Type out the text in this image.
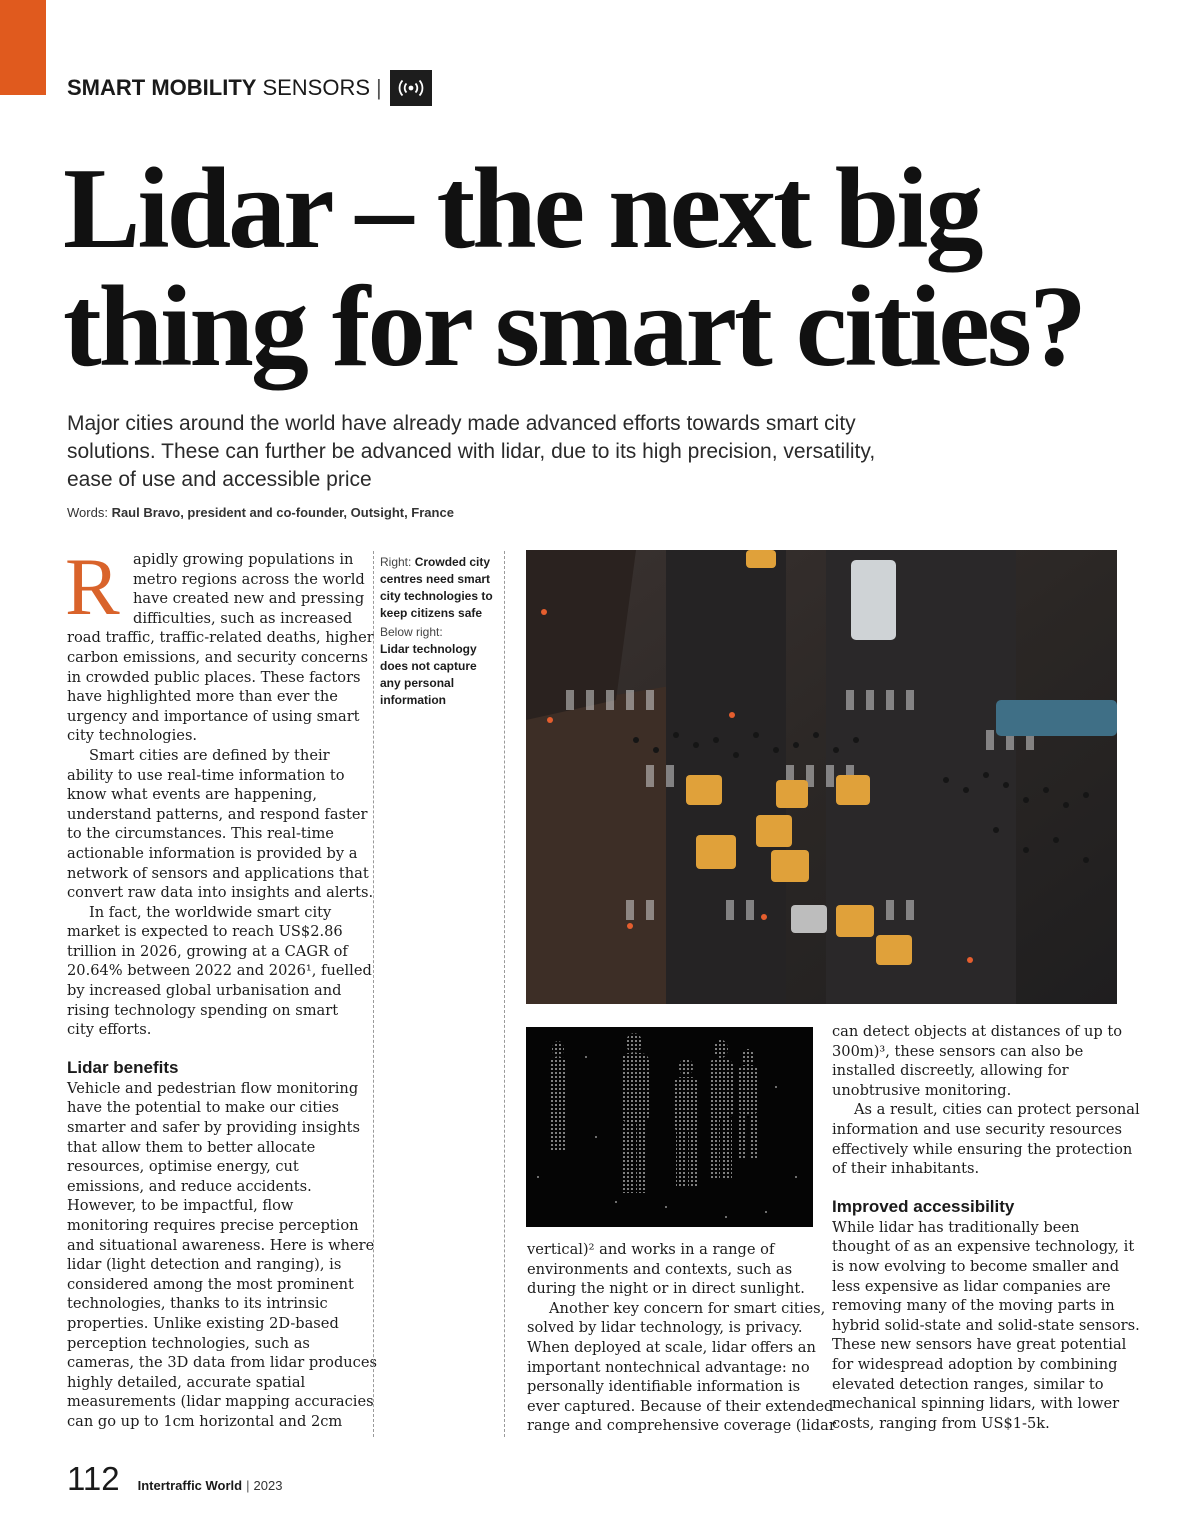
SMART MOBILITY SENSORS |
Lidar – the next big
thing for smart cities?
Major cities around the world have already made advanced efforts towards smart city
solutions. These can further be advanced with lidar, due to its high precision, versatility,
ease of use and accessible price
Words: Raul Bravo, president and co-founder, Outsight, France
R apidly growing populations in
metro regions across the world
have created new and pressing
difficulties, such as increased
road traffic, traffic-related deaths, higher
carbon emissions, and security concerns
in crowded public places. These factors
have highlighted more than ever the
urgency and importance of using smart
city technologies.
Smart cities are defined by their
ability to use real-time information to
know what events are happening,
understand patterns, and respond faster
to the circumstances. This real-time
actionable information is provided by a
network of sensors and applications that
convert raw data into insights and alerts.
In fact, the worldwide smart city
market is expected to reach US$2.86
trillion in 2026, growing at a CAGR of
20.64% between 2022 and 2026¹, fuelled
by increased global urbanisation and
rising technology spending on smart
city efforts.
Lidar benefits
Vehicle and pedestrian flow monitoring
have the potential to make our cities
smarter and safer by providing insights
that allow them to better allocate
resources, optimise energy, cut
emissions, and reduce accidents.
However, to be impactful, flow
monitoring requires precise perception
and situational awareness. Here is where
lidar (light detection and ranging), is
considered among the most prominent
technologies, thanks to its intrinsic
properties. Unlike existing 2D-based
perception technologies, such as
cameras, the 3D data from lidar produces
highly detailed, accurate spatial
measurements (lidar mapping accuracies
can go up to 1cm horizontal and 2cm
Right: Crowded city
centres need smart
city technologies to
keep citizens safe
Below right:
Lidar technology
does not capture
any personal
information
vertical)² and works in a range of
environments and contexts, such as
during the night or in direct sunlight.
Another key concern for smart cities,
solved by lidar technology, is privacy.
When deployed at scale, lidar offers an
important nontechnical advantage: no
personally identifiable information is
ever captured. Because of their extended
range and comprehensive coverage (lidar
can detect objects at distances of up to
300m)³, these sensors can also be
installed discreetly, allowing for
unobtrusive monitoring.
As a result, cities can protect personal
information and use security resources
effectively while ensuring the protection
of their inhabitants.
Improved accessibility
While lidar has traditionally been
thought of as an expensive technology, it
is now evolving to become smaller and
less expensive as lidar companies are
removing many of the moving parts in
hybrid solid-state and solid-state sensors.
These new sensors have great potential
for widespread adoption by combining
elevated detection ranges, similar to
mechanical spinning lidars, with lower
costs, ranging from US$1-5k.
112 Intertraffic World | 2023
